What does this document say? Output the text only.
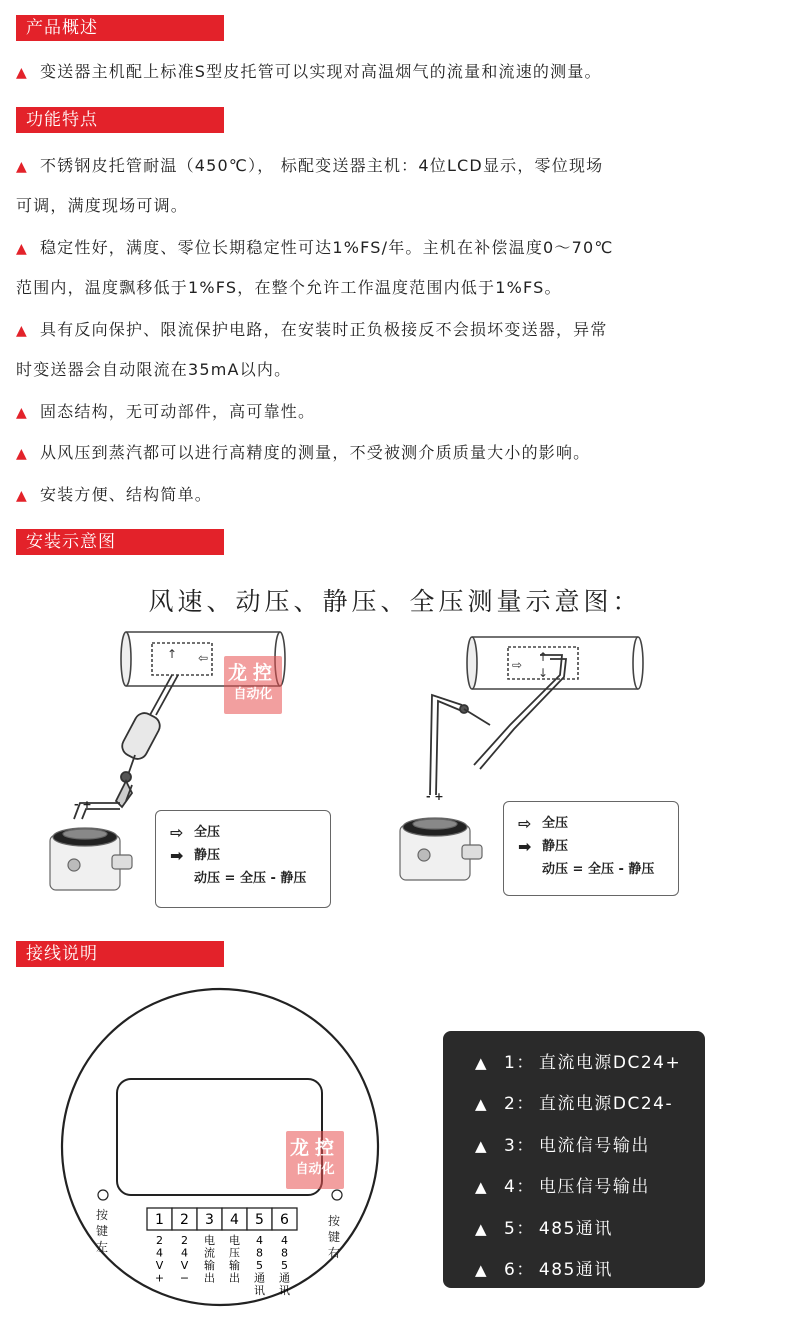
产品概述
▲ 变送器主机配上标准S型皮托管可以实现对高温烟气的流量和流速的测量。
功能特点
▲ 不锈钢皮托管耐温（450℃）， 标配变送器主机：4位LCD显示，零位现场
可调，满度现场可调。
▲ 稳定性好，满度、零位长期稳定性可达1%FS/年。主机在补偿温度0～70℃
范围内，温度飘移低于1%FS，在整个允许工作温度范围内低于1%FS。
▲ 具有反向保护、限流保护电路，在安装时正负极接反不会损坏变送器，异常
时变送器会自动限流在35mA以内。
▲ 固态结构，无可动部件，高可靠性。
▲ 从风压到蒸汽都可以进行高精度的测量，不受被测介质质量大小的影响。
▲ 安装方便、结构简单。
安装示意图
风速、动压、静压、全压测量示意图：
↑ ⇦
- +
⇨ 全压
➡ 静压
动压 = 全压 - 静压
龙控
自动化
⇨
↑
↓
- +
⇨ 全压
➡ 静压
动压 = 全压 - 静压
接线说明
按
键
左
按
键
右
1
2
4
V
+
2
2
4
V
−
3
电
流
输
出
4
电
压
输
出
5
4
8
5
通
讯
6
4
8
5
通
讯
龙控
自动化
▲ 1： 直流电源DC24+
▲ 2： 直流电源DC24-
▲ 3： 电流信号输出
▲ 4： 电压信号输出
▲ 5： 485通讯
▲ 6： 485通讯
